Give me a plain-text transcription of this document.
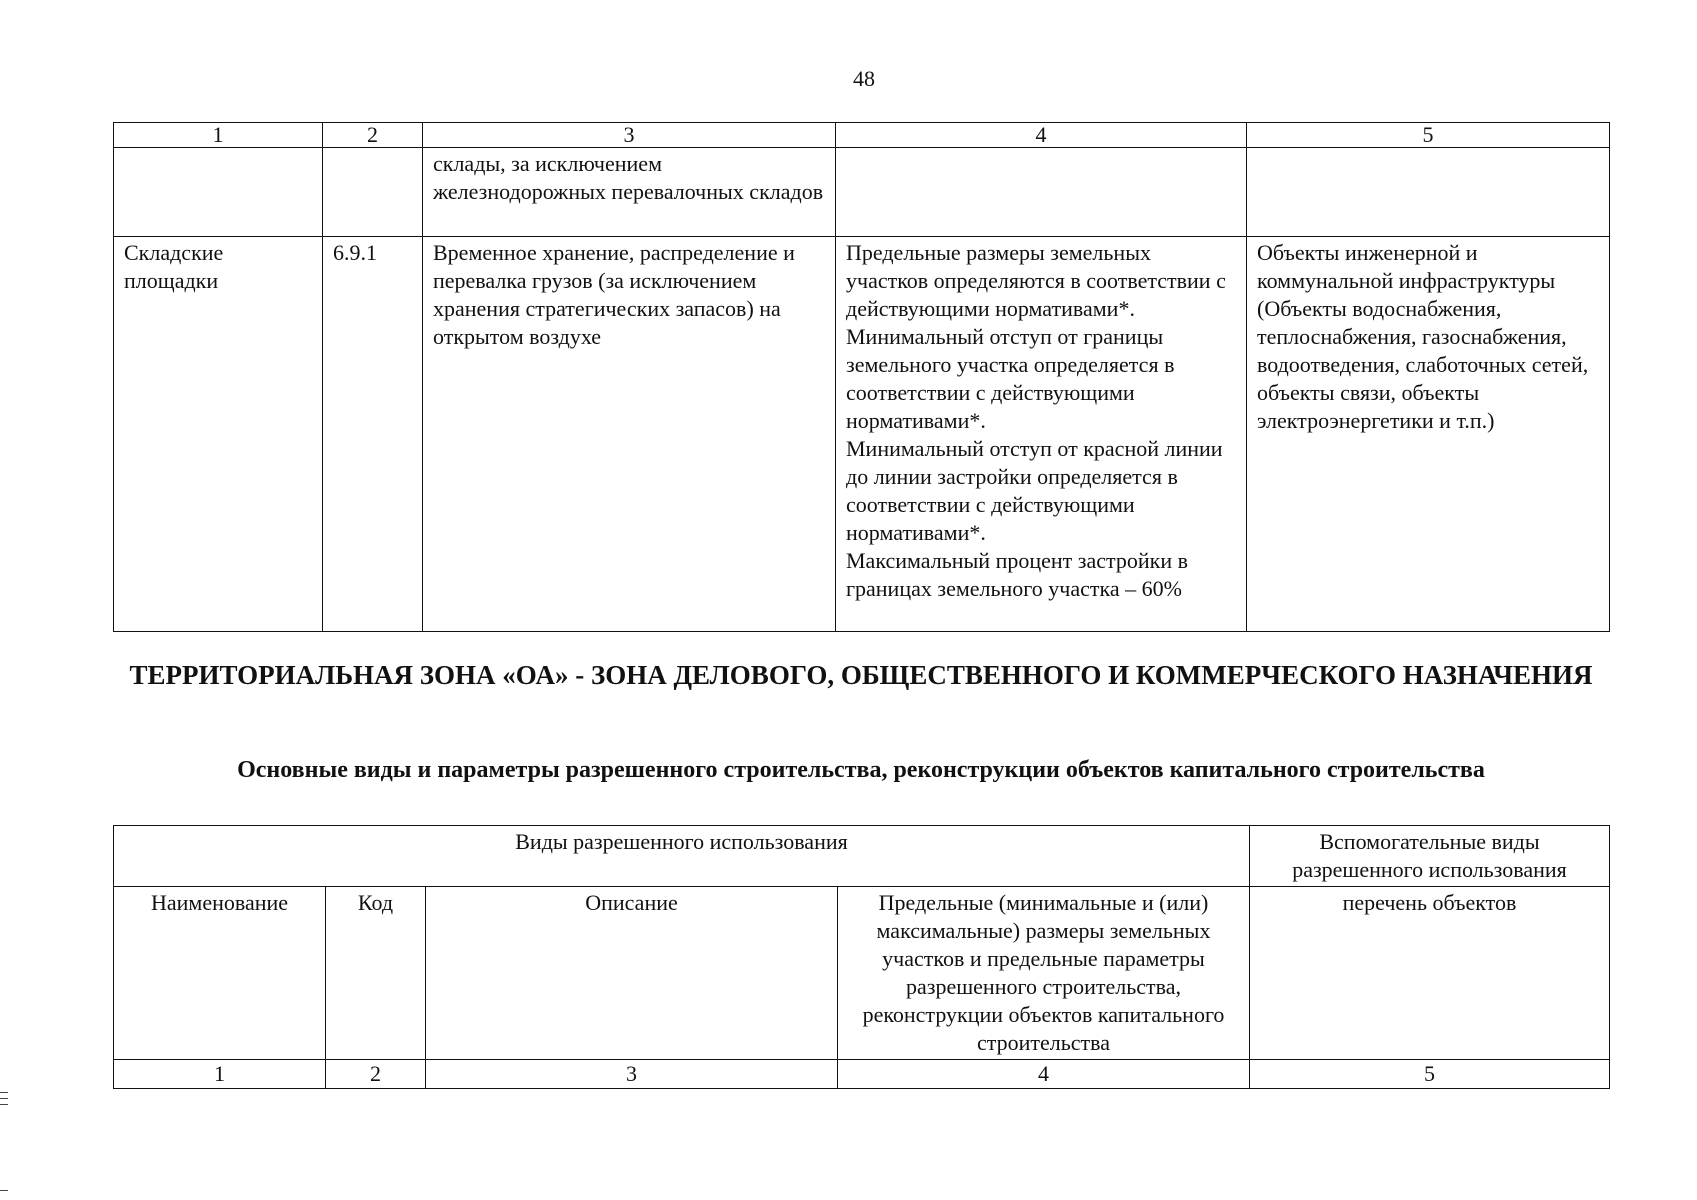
48
1	2	3	4	5
		склады, за исключением железнодорожных перевалочных складов		
Складские площадки	6.9.1	Временное хранение, распределение и перевалка грузов (за исключением хранения стратегических запасов) на открытом воздухе	Предельные размеры земельных участков определяются в соответствии с действующими нормативами*.
Минимальный отступ от границы земельного участка определяется в соответствии с действующими нормативами*.
Минимальный отступ от красной линии до линии застройки определяется в соответствии с действующими нормативами*.
Максимальный процент застройки в границах земельного участка – 60%	Объекты инженерной и коммунальной инфраструктуры (Объекты водоснабжения, теплоснабжения, газоснабжения, водоотведения, слаботочных сетей, объекты связи, объекты электроэнергетики и т.п.)
ТЕРРИТОРИАЛЬНАЯ ЗОНА «ОА» - ЗОНА ДЕЛОВОГО, ОБЩЕСТВЕННОГО И КОММЕРЧЕСКОГО НАЗНАЧЕНИЯ
Основные виды и параметры разрешенного строительства, реконструкции объектов капитального строительства
Виды разрешенного использования				Вспомогательные виды разрешенного использования
Наименование	Код	Описание	Предельные (минимальные и (или) максимальные) размеры земельных участков и предельные параметры разрешенного строительства, реконструкции объектов капитального строительства	перечень объектов
1	2	3	4	5
